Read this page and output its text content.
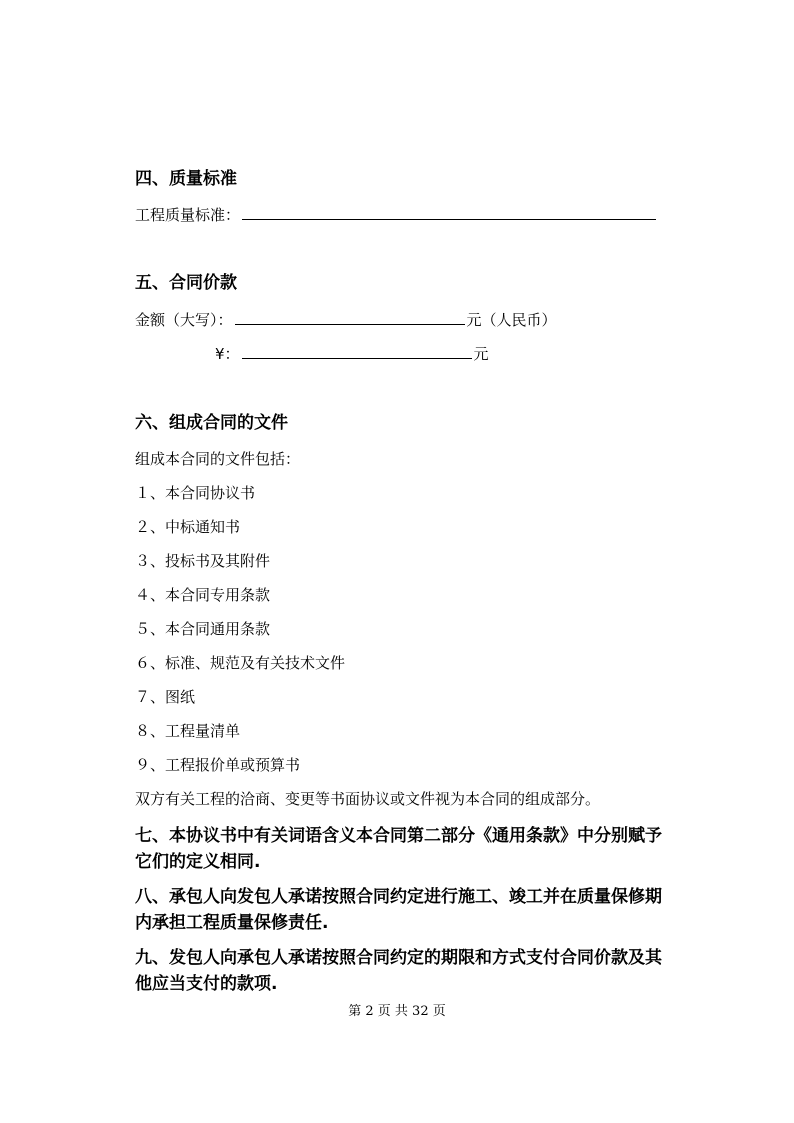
四、质量标准
工程质量标准：
五、合同价款
金额（大写）：	元（人民币）
¥：	元
六、组成合同的文件
组成本合同的文件包括：
１、本合同协议书
２、中标通知书
３、投标书及其附件
４、本合同专用条款
５、本合同通用条款
６、标准、规范及有关技术文件
７、图纸
８、工程量清单
９、工程报价单或预算书
双方有关工程的洽商、变更等书面协议或文件视为本合同的组成部分。
七、本协议书中有关词语含义本合同第二部分《通用条款》中分别赋予它们的定义相同.
八、承包人向发包人承诺按照合同约定进行施工、竣工并在质量保修期内承担工程质量保修责任.
九、发包人向承包人承诺按照合同约定的期限和方式支付合同价款及其他应当支付的款项.
第 2 页 共 32 页
